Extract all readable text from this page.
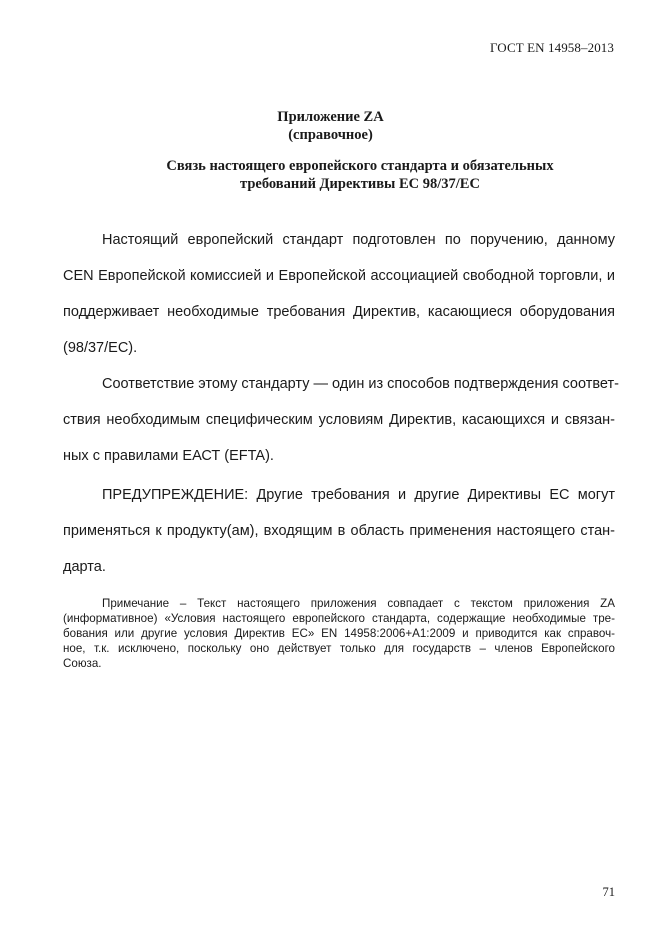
ГОСТ EN 14958–2013
Приложение ZA
(справочное)
Связь настоящего европейского стандарта и обязательных
требований Директивы ЕС 98/37/ЕС
Настоящий европейский стандарт подготовлен по поручению, данному
CEN Европейской комиссией и Европейской ассоциацией свободной торговли, и
поддерживает необходимые требования Директив, касающиеся оборудования
(98/37/ЕС).
Соответствие этому стандарту — один из способов подтверждения соответ-
ствия необходимым специфическим условиям Директив, касающихся и связан-
ных с правилами ЕАСТ (EFTA).
ПРЕДУПРЕЖДЕНИЕ: Другие требования и другие Директивы ЕС могут
применяться к продукту(ам), входящим в область применения настоящего стан-
дарта.
Примечание – Текст настоящего приложения совпадает с текстом приложения ZA
(информативное) «Условия настоящего европейского стандарта, содержащие необходимые тре-
бования или другие условия Директив ЕС» EN 14958:2006+A1:2009 и приводится как справоч-
ное, т.к. исключено, поскольку оно действует только для государств – членов Европейского
Союза.
71
